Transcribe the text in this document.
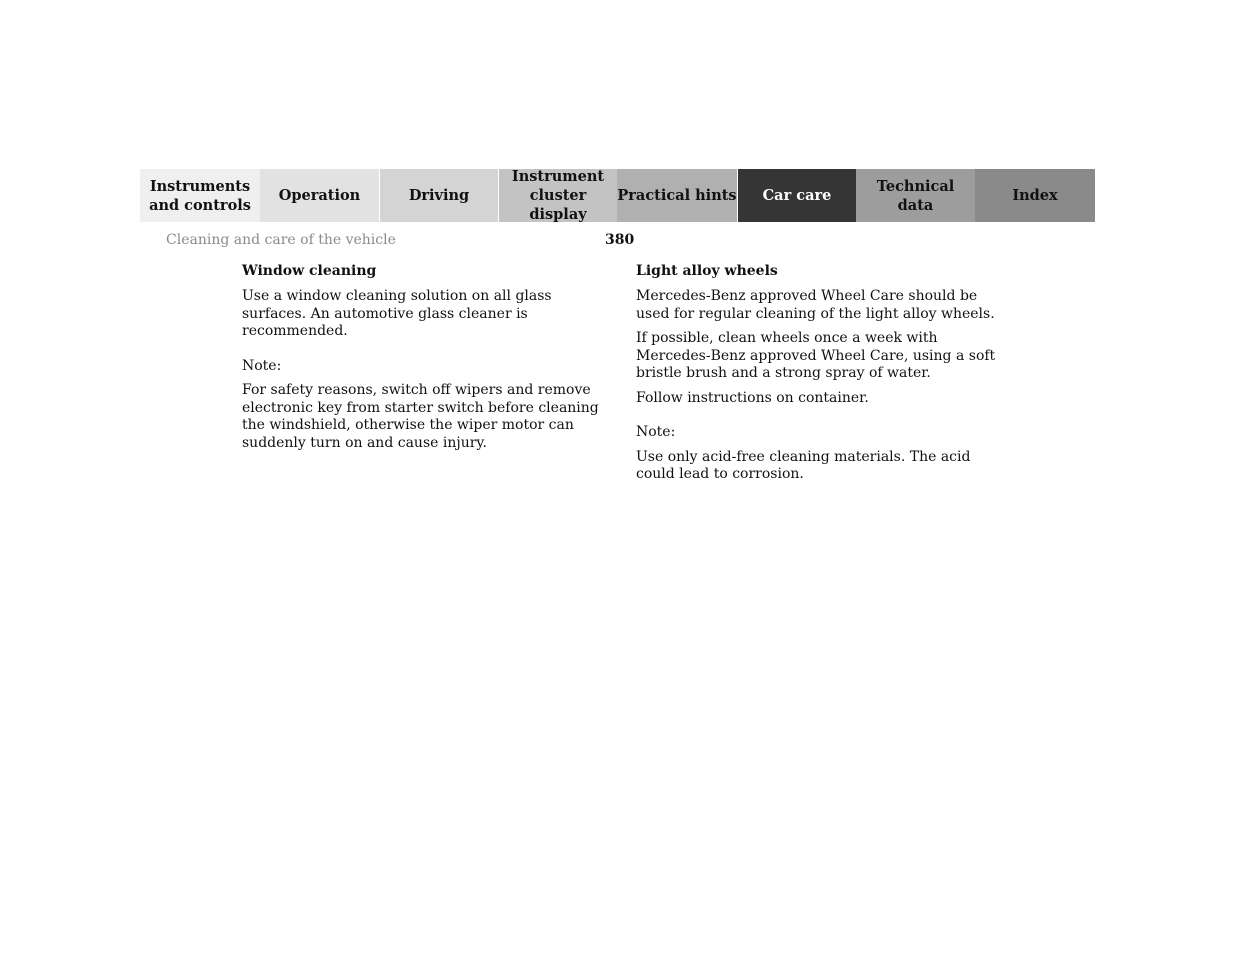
Instruments
and controls
Operation	Driving
Instrument
cluster display
Practical hints	Car care
Technical
data
Index
Cleaning and care of the vehicle	380
Window cleaning

Use a window cleaning solution on all glass surfaces. An automotive glass cleaner is recommended.

Note:

For safety reasons, switch off wipers and remove electronic key from starter switch before cleaning the windshield, otherwise the wiper motor can suddenly turn on and cause injury.

Light alloy wheels

Mercedes-Benz approved Wheel Care should be used for regular cleaning of the light alloy wheels.

If possible, clean wheels once a week with Mercedes-Benz approved Wheel Care, using a soft bristle brush and a strong spray of water.

Follow instructions on container.

Note:

Use only acid-free cleaning materials. The acid could lead to corrosion.
